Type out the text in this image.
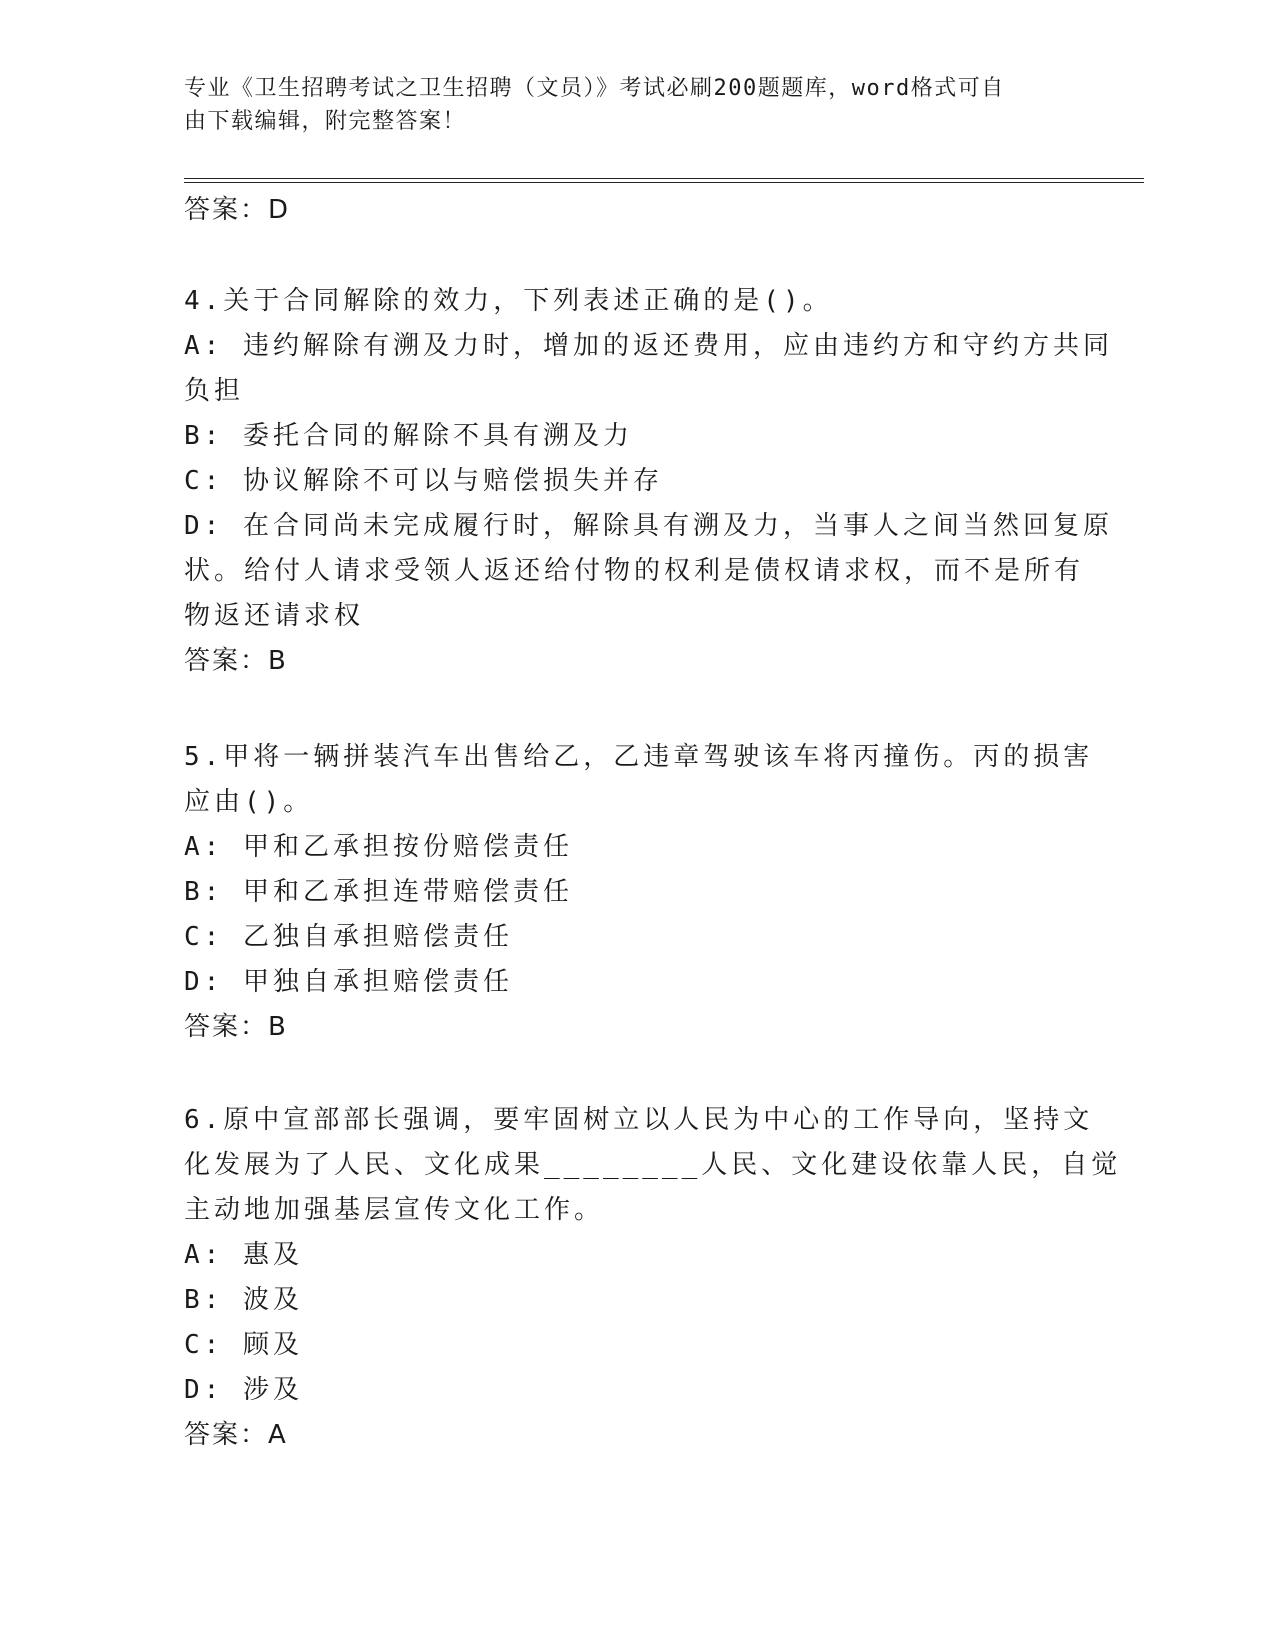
专业《卫生招聘考试之卫生招聘（文员）》考试必刷200题题库，word格式可自
由下载编辑，附完整答案！
答案：D
4.关于合同解除的效力，下列表述正确的是()。
A: 违约解除有溯及力时，增加的返还费用，应由违约方和守约方共同
负担
B: 委托合同的解除不具有溯及力
C: 协议解除不可以与赔偿损失并存
D: 在合同尚未完成履行时，解除具有溯及力，当事人之间当然回复原
状。给付人请求受领人返还给付物的权利是债权请求权，而不是所有
物返还请求权
答案：B
5.甲将一辆拼装汽车出售给乙，乙违章驾驶该车将丙撞伤。丙的损害
应由()。
A: 甲和乙承担按份赔偿责任
B: 甲和乙承担连带赔偿责任
C: 乙独自承担赔偿责任
D: 甲独自承担赔偿责任
答案：B
6.原中宣部部长强调，要牢固树立以人民为中心的工作导向，坚持文
化发展为了人民、文化成果________人民、文化建设依靠人民，自觉
主动地加强基层宣传文化工作。
A: 惠及
B: 波及
C: 顾及
D: 涉及
答案：A
